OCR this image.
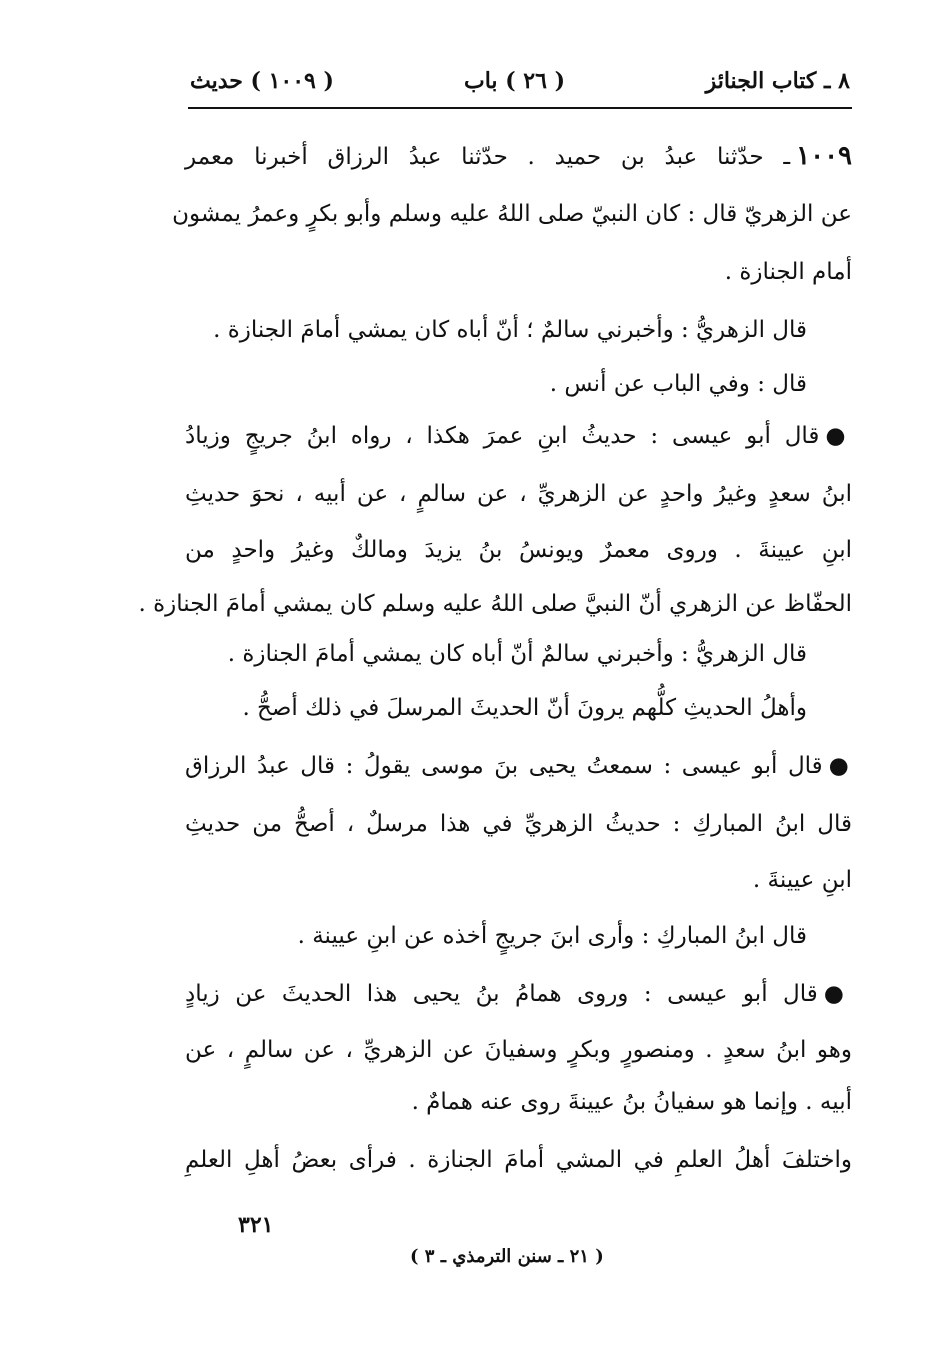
٨ ـ كتاب الجنائز
( ٢٦ ) باب
( ١٠٠٩ ) حديث
١٠٠٩ـ حدّثنا عبدُ بن حميد . حدّثنا عبدُ الرزاق أخبرنا معمر
عن الزهريّ قال : كان النبيّ صلى اللهُ عليه وسلم وأبو بكرٍ وعمرُ يمشون
أمام الجنازة .
قال الزهريُّ : وأخبرني سالمٌ ؛ أنّ أباه كان يمشي أمامَ الجنازة .
قال : وفي الباب عن أنس .
●قال أبو عيسى : حديثُ ابنِ عمرَ هكذا ، رواه ابنُ جريجٍ وزيادُ
ابنُ سعدٍ وغيرُ واحدٍ عن الزهريِّ ، عن سالمٍ ، عن أبيه ، نحوَ حديثِ
ابنِ عيينةَ . وروى معمرٌ ويونسُ بنُ يزيدَ ومالكٌ وغيرُ واحدٍ من
الحفّاظ عن الزهري أنّ النبيَّ صلى اللهُ عليه وسلم كان يمشي أمامَ الجنازة .
قال الزهريُّ : وأخبرني سالمٌ أنّ أباه كان يمشي أمامَ الجنازة .
وأهلُ الحديثِ كلُّهم يرونَ أنّ الحديثَ المرسلَ في ذلك أصحُّ .
●قال أبو عيسى : سمعتُ يحيى بنَ موسى يقولُ : قال عبدُ الرزاق
قال ابنُ المباركِ : حديثُ الزهريِّ في هذا مرسلٌ ، أصحُّ من حديثِ
ابنِ عيينةَ .
قال ابنُ المباركِ : وأرى ابنَ جريجٍ أخذه عن ابنِ عيينة .
●قال أبو عيسى : وروى همامُ بنُ يحيى هذا الحديثَ عن زيادٍ
وهو ابنُ سعدٍ . ومنصورٍ وبكرٍ وسفيانَ عن الزهريِّ ، عن سالمٍ ، عن
أبيه . وإنما هو سفيانُ بنُ عيينةَ روى عنه همامٌ .
واختلفَ أهلُ العلمِ في المشي أمامَ الجنازة . فرأى بعضُ أهلِ العلمِ
٣٢١
( ٢١ ـ سنن الترمذي ـ ٣ )
